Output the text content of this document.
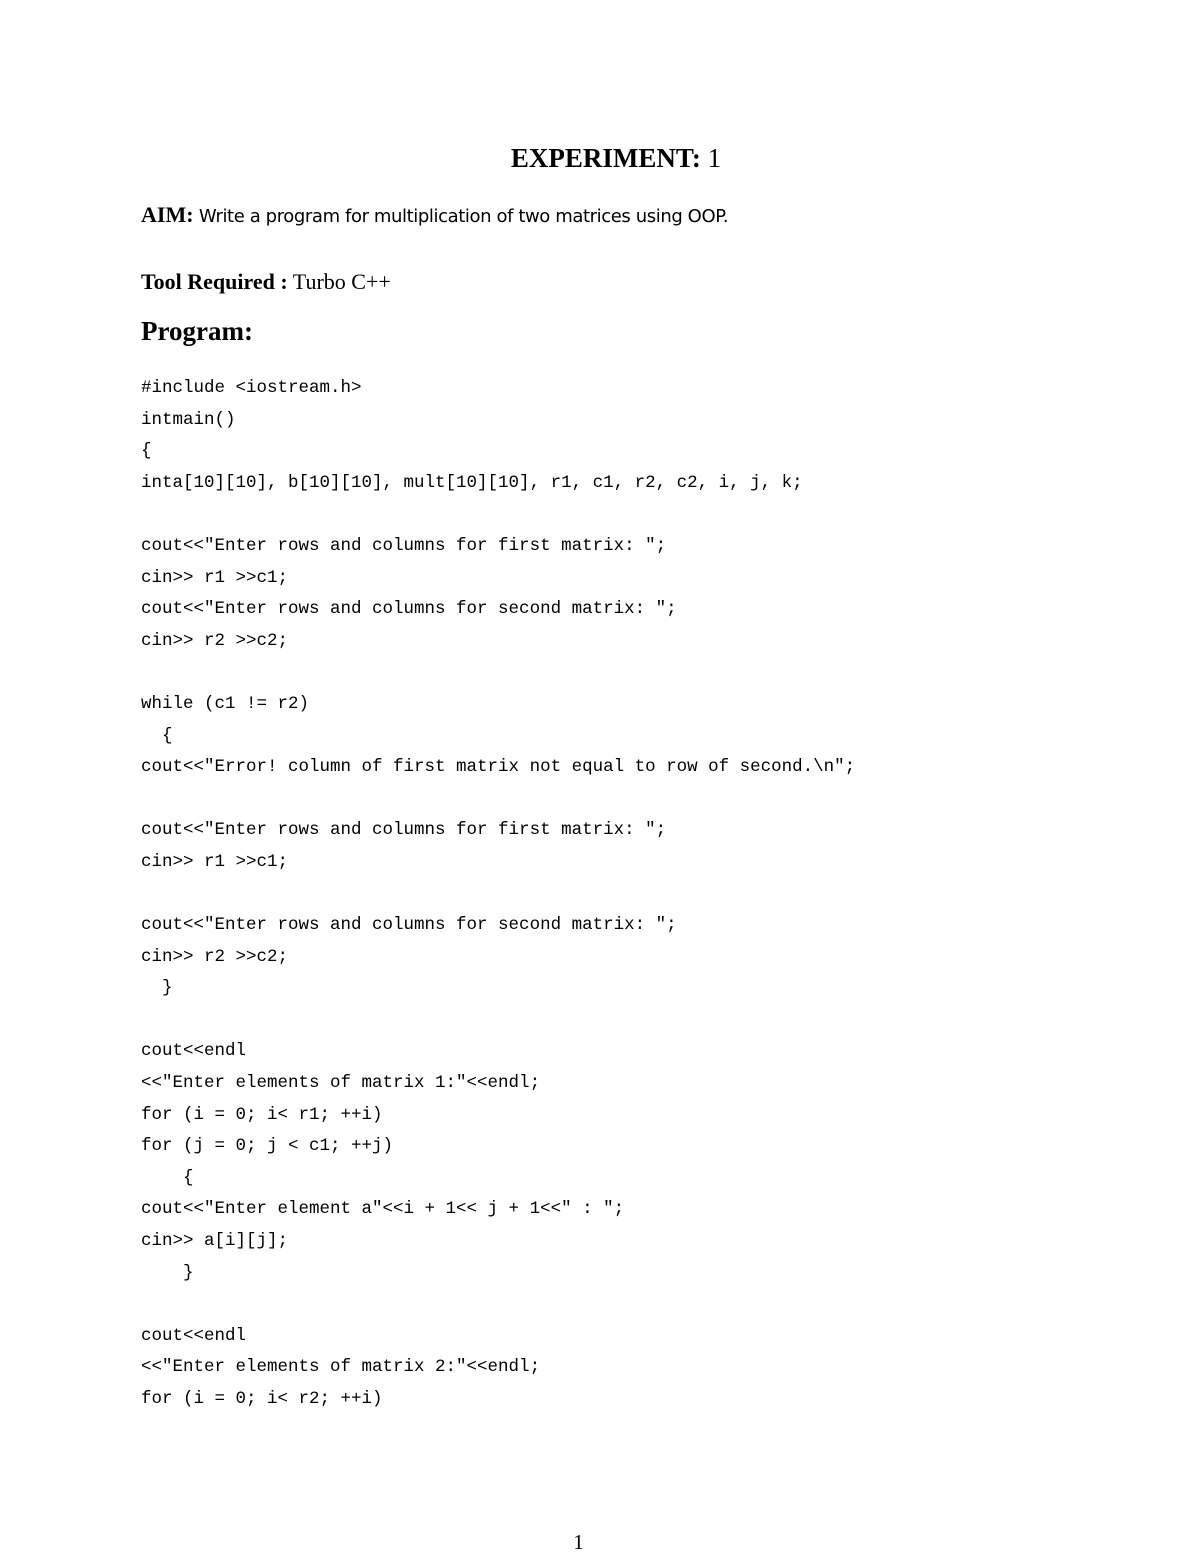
EXPERIMENT: 1
AIM: Write a program for multiplication of two matrices using OOP.
Tool Required : Turbo C++
Program:
#include <iostream.h>
intmain()
{
inta[10][10], b[10][10], mult[10][10], r1, c1, r2, c2, i, j, k;
cout<<"Enter rows and columns for first matrix: ";
cin>> r1 >>c1;
cout<<"Enter rows and columns for second matrix: ";
cin>> r2 >>c2;
while (c1 != r2)
{
cout<<"Error! column of first matrix not equal to row of second.\n";
cout<<"Enter rows and columns for first matrix: ";
cin>> r1 >>c1;
cout<<"Enter rows and columns for second matrix: ";
cin>> r2 >>c2;
}
cout<<endl
<<"Enter elements of matrix 1:"<<endl;
for (i = 0; i< r1; ++i)
for (j = 0; j < c1; ++j)
{
cout<<"Enter element a"<<i + 1<< j + 1<<" : ";
cin>> a[i][j];
}
cout<<endl
<<"Enter elements of matrix 2:"<<endl;
for (i = 0; i< r2; ++i)
1
